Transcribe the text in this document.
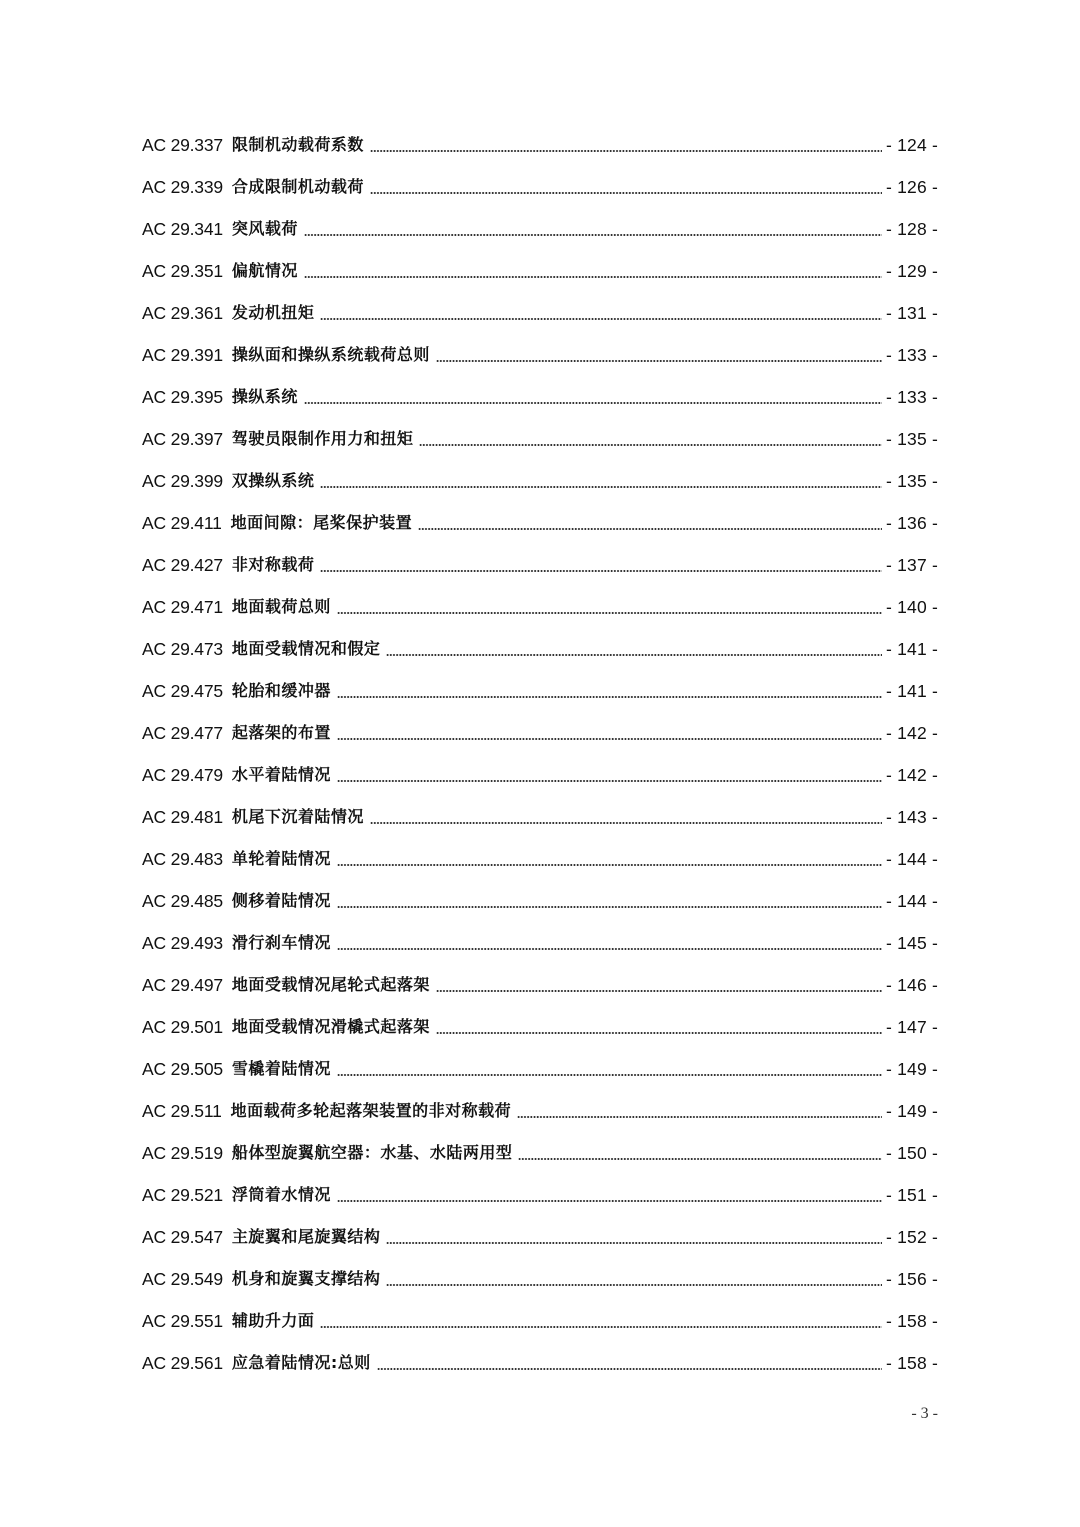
AC 29.337 限制机动载荷系数	- 124 -
AC 29.339 合成限制机动载荷	- 126 -
AC 29.341 突风载荷	- 128 -
AC 29.351 偏航情况	- 129 -
AC 29.361 发动机扭矩	- 131 -
AC 29.391 操纵面和操纵系统载荷总则	- 133 -
AC 29.395 操纵系统	- 133 -
AC 29.397 驾驶员限制作用力和扭矩	- 135 -
AC 29.399 双操纵系统	- 135 -
AC 29.411 地面间隙：尾桨保护装置	- 136 -
AC 29.427 非对称载荷	- 137 -
AC 29.471 地面载荷总则	- 140 -
AC 29.473 地面受载情况和假定	- 141 -
AC 29.475 轮胎和缓冲器	- 141 -
AC 29.477 起落架的布置	- 142 -
AC 29.479 水平着陆情况	- 142 -
AC 29.481 机尾下沉着陆情况	- 143 -
AC 29.483 单轮着陆情况	- 144 -
AC 29.485 侧移着陆情况	- 144 -
AC 29.493 滑行刹车情况	- 145 -
AC 29.497 地面受载情况尾轮式起落架	- 146 -
AC 29.501 地面受载情况滑橇式起落架	- 147 -
AC 29.505 雪橇着陆情况	- 149 -
AC 29.511 地面载荷多轮起落架装置的非对称载荷	- 149 -
AC 29.519 船体型旋翼航空器：水基、水陆两用型	- 150 -
AC 29.521 浮筒着水情况	- 151 -
AC 29.547 主旋翼和尾旋翼结构	- 152 -
AC 29.549 机身和旋翼支撑结构	- 156 -
AC 29.551 辅助升力面	- 158 -
AC 29.561 应急着陆情况:总则	- 158 -
- 3 -
